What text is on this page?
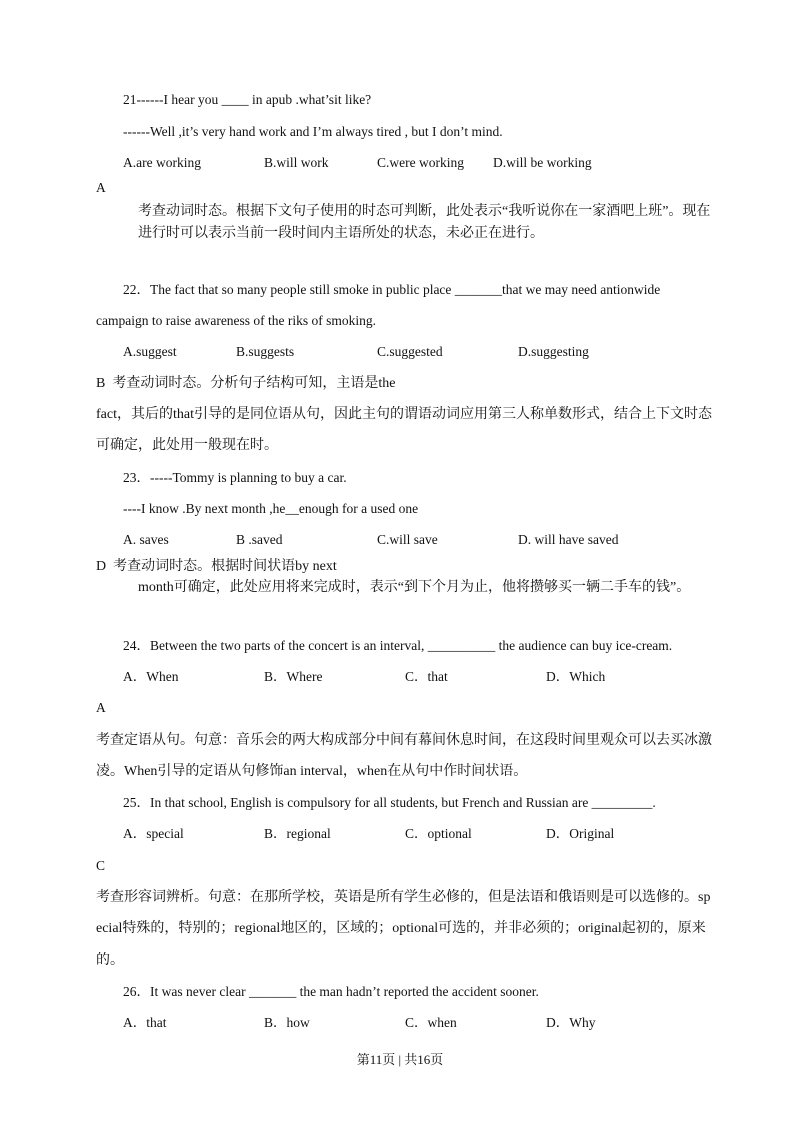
21------I hear you ____ in apub .what’sit like?
------Well ,it’s very hand work and I’m always tired , but I don’t mind.
A.are working	B.will work	C.were working D.will be working
A
考查动词时态。根据下文句子使用的时态可判断，此处表示“我听说你在一家酒吧上班”。现在
进行时可以表示当前一段时间内主语所处的状态，未必正在进行。
22．The fact that so many people still smoke in public place _______that we may need antionwide
campaign to raise awareness of the riks of smoking.
A.suggest	B.suggests	C.suggested	D.suggesting
B 考查动词时态。分析句子结构可知，主语是the
fact，其后的that引导的是同位语从句，因此主句的谓语动词应用第三人称单数形式，结合上下文时态
可确定，此处用一般现在时。
23．-----Tommy is planning to buy a car.
----I know .By next month ,he__enough for a used one
A. saves	B .saved	C.will save	D. will have saved
D 考查动词时态。根据时间状语by next
month可确定，此处应用将来完成时，表示“到下个月为止，他将攒够买一辆二手车的钱”。
24．Between the two parts of the concert is an interval, __________ the audience can buy ice-cream.
A．When	B．Where	C．that	D．Which
A
考查定语从句。句意：音乐会的两大构成部分中间有幕间休息时间，在这段时间里观众可以去买冰激
凌。When引导的定语从句修饰an interval，when在从句中作时间状语。
25．In that school, English is compulsory for all students, but French and Russian are _________.
A．special	B．regional	C．optional	D．Original
C
考查形容词辨析。句意：在那所学校，英语是所有学生必修的，但是法语和俄语则是可以选修的。sp
ecial特殊的，特别的；regional地区的，区域的；optional可选的，并非必须的；original起初的，原来
的。
26．It was never clear _______ the man hadn’t reported the accident sooner.
A．that	B．how	C．when	D．Why
第11页 | 共16页
